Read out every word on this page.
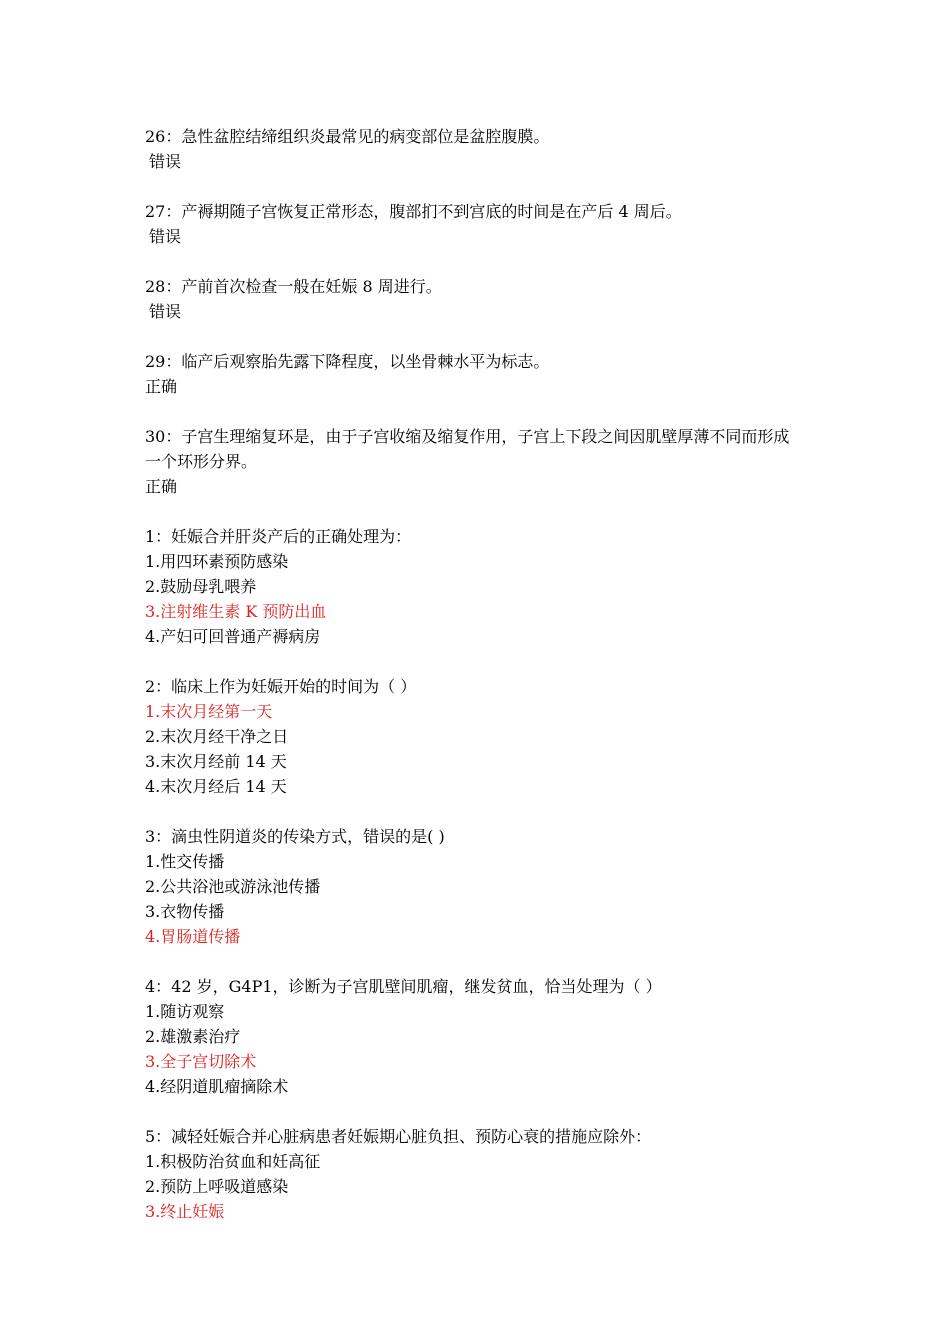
26：急性盆腔结缔组织炎最常见的病变部位是盆腔腹膜。
错误
27：产褥期随子宫恢复正常形态，腹部扪不到宫底的时间是在产后 4 周后。
错误
28：产前首次检查一般在妊娠 8 周进行。
错误
29：临产后观察胎先露下降程度，以坐骨棘水平为标志。
正确
30：子宫生理缩复环是，由于子宫收缩及缩复作用，子宫上下段之间因肌壁厚薄不同而形成
一个环形分界。
正确
1：妊娠合并肝炎产后的正确处理为：
1.用四环素预防感染
2.鼓励母乳喂养
3.注射维生素 K 预防出血
4.产妇可回普通产褥病房
2：临床上作为妊娠开始的时间为（ ）
1.末次月经第一天
2.末次月经干净之日
3.末次月经前 14 天
4.末次月经后 14 天
3：滴虫性阴道炎的传染方式，错误的是( )
1.性交传播
2.公共浴池或游泳池传播
3.衣物传播
4.胃肠道传播
4：42 岁，G4P1，诊断为子宫肌壁间肌瘤，继发贫血，恰当处理为（ ）
1.随访观察
2.雄激素治疗
3.全子宫切除术
4.经阴道肌瘤摘除术
5：减轻妊娠合并心脏病患者妊娠期心脏负担、预防心衰的措施应除外：
1.积极防治贫血和妊高征
2.预防上呼吸道感染
3.终止妊娠
